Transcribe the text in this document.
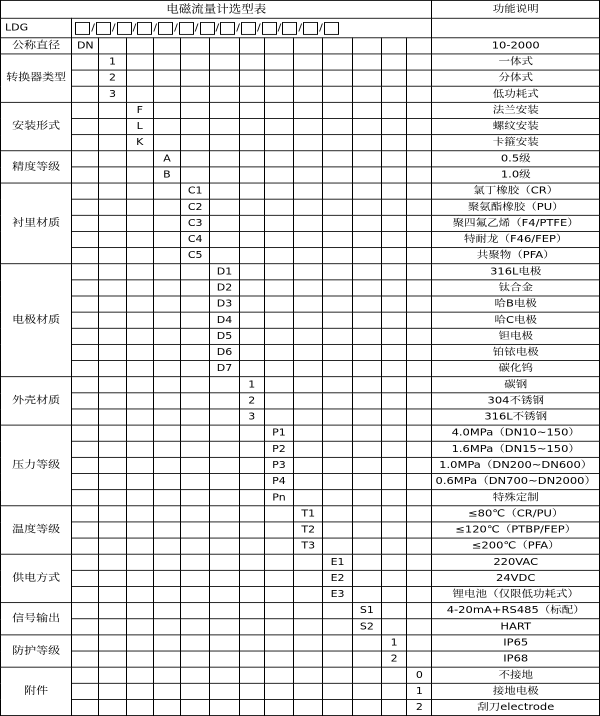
电磁流量计选型表														功能说明
LDG	/ / / / / / / / / / / /

公称直径	DN													10-2000
转换器类型		1												一体式
		2												分体式
		3												低功耗式
安装形式			F											法兰安装
			L											螺纹安装
			K											卡箍安装
精度等级				A										0.5级
				B										1.0级
衬里材质					C1									氯丁橡胶（CR）
					C2									聚氨酯橡胶（PU）
					C3									聚四氟乙烯（F4/PTFE）
					C4									特耐龙（F46/FEP）
					C5									共聚物（PFA）
电极材质						D1								316L电极
						D2								钛合金
						D3								哈B电极
						D4								哈C电极
						D5								钽电极
						D6								铂铱电极
						D7								碳化钨
外壳材质							1							碳钢
							2							304不锈钢
							3							316L不锈钢
压力等级								P1						4.0MPa（DN10~150）
								P2						1.6MPa（DN15~150）
								P3						1.0MPa（DN200~DN600）
								P4						0.6MPa（DN700~DN2000）
								Pn						特殊定制
温度等级									T1					≤80℃（CR/PU）
									T2					≤120℃（PTBP/FEP）
									T3					≤200℃（PFA）
供电方式										E1				220VAC
										E2				24VDC
										E3				锂电池（仅限低功耗式）
信号输出											S1			4-20mA+RS485（标配）
											S2			HART
防护等级												1		IP65
												2		IP68
附件													0	不接地
													1	接地电极
													2	刮刀electrode
